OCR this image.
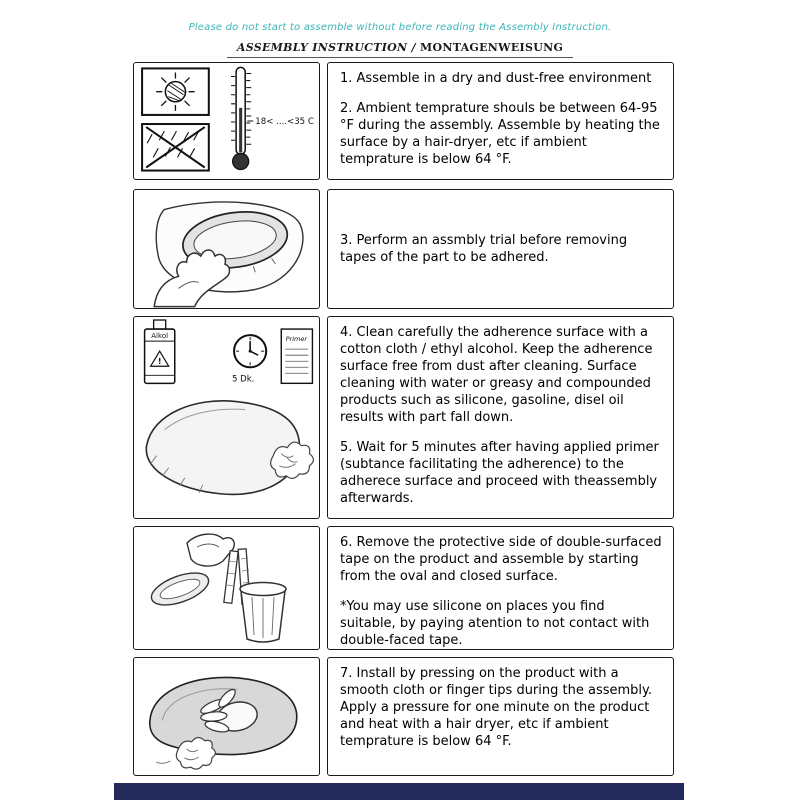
Please do not start to assemble without before reading the Assembly Instruction.
ASSEMBLY INSTRUCTION / MONTAGENWEISUNG
18< ....<35 C

1. Assemble in a dry and dust-free environment

2. Ambient temprature shouls be between 64-95 °F during the assembly. Assemble by heating the surface by a hair-dryer, etc if ambient temprature is below 64 °F.

3. Perform an assmbly trial before removing tapes of the part to be adhered.

Alkol
!
5 Dk.
Primer	4. Clean carefully the adherence surface with a cotton cloth / ethyl alcohol. Keep the adherence surface free from dust after cleaning. Surface cleaning with water or greasy and compounded products such as silicone, gasoline, disel oil results with part fall down.

5. Wait for 5 minutes after having applied primer (subtance facilitating the adherence) to the adherece surface and proceed with theassembly afterwards.

6. Remove the protective side of double-surfaced tape on the product and assemble by starting from the oval and closed surface.

*You may use silicone on places you find suitable, by paying atention to not contact with double-faced tape.

7. Install by pressing on the product with a smooth cloth or finger tips during the assembly. Apply a pressure for one minute on the product and heat with a hair dryer, etc if ambient temprature is below 64 °F.
